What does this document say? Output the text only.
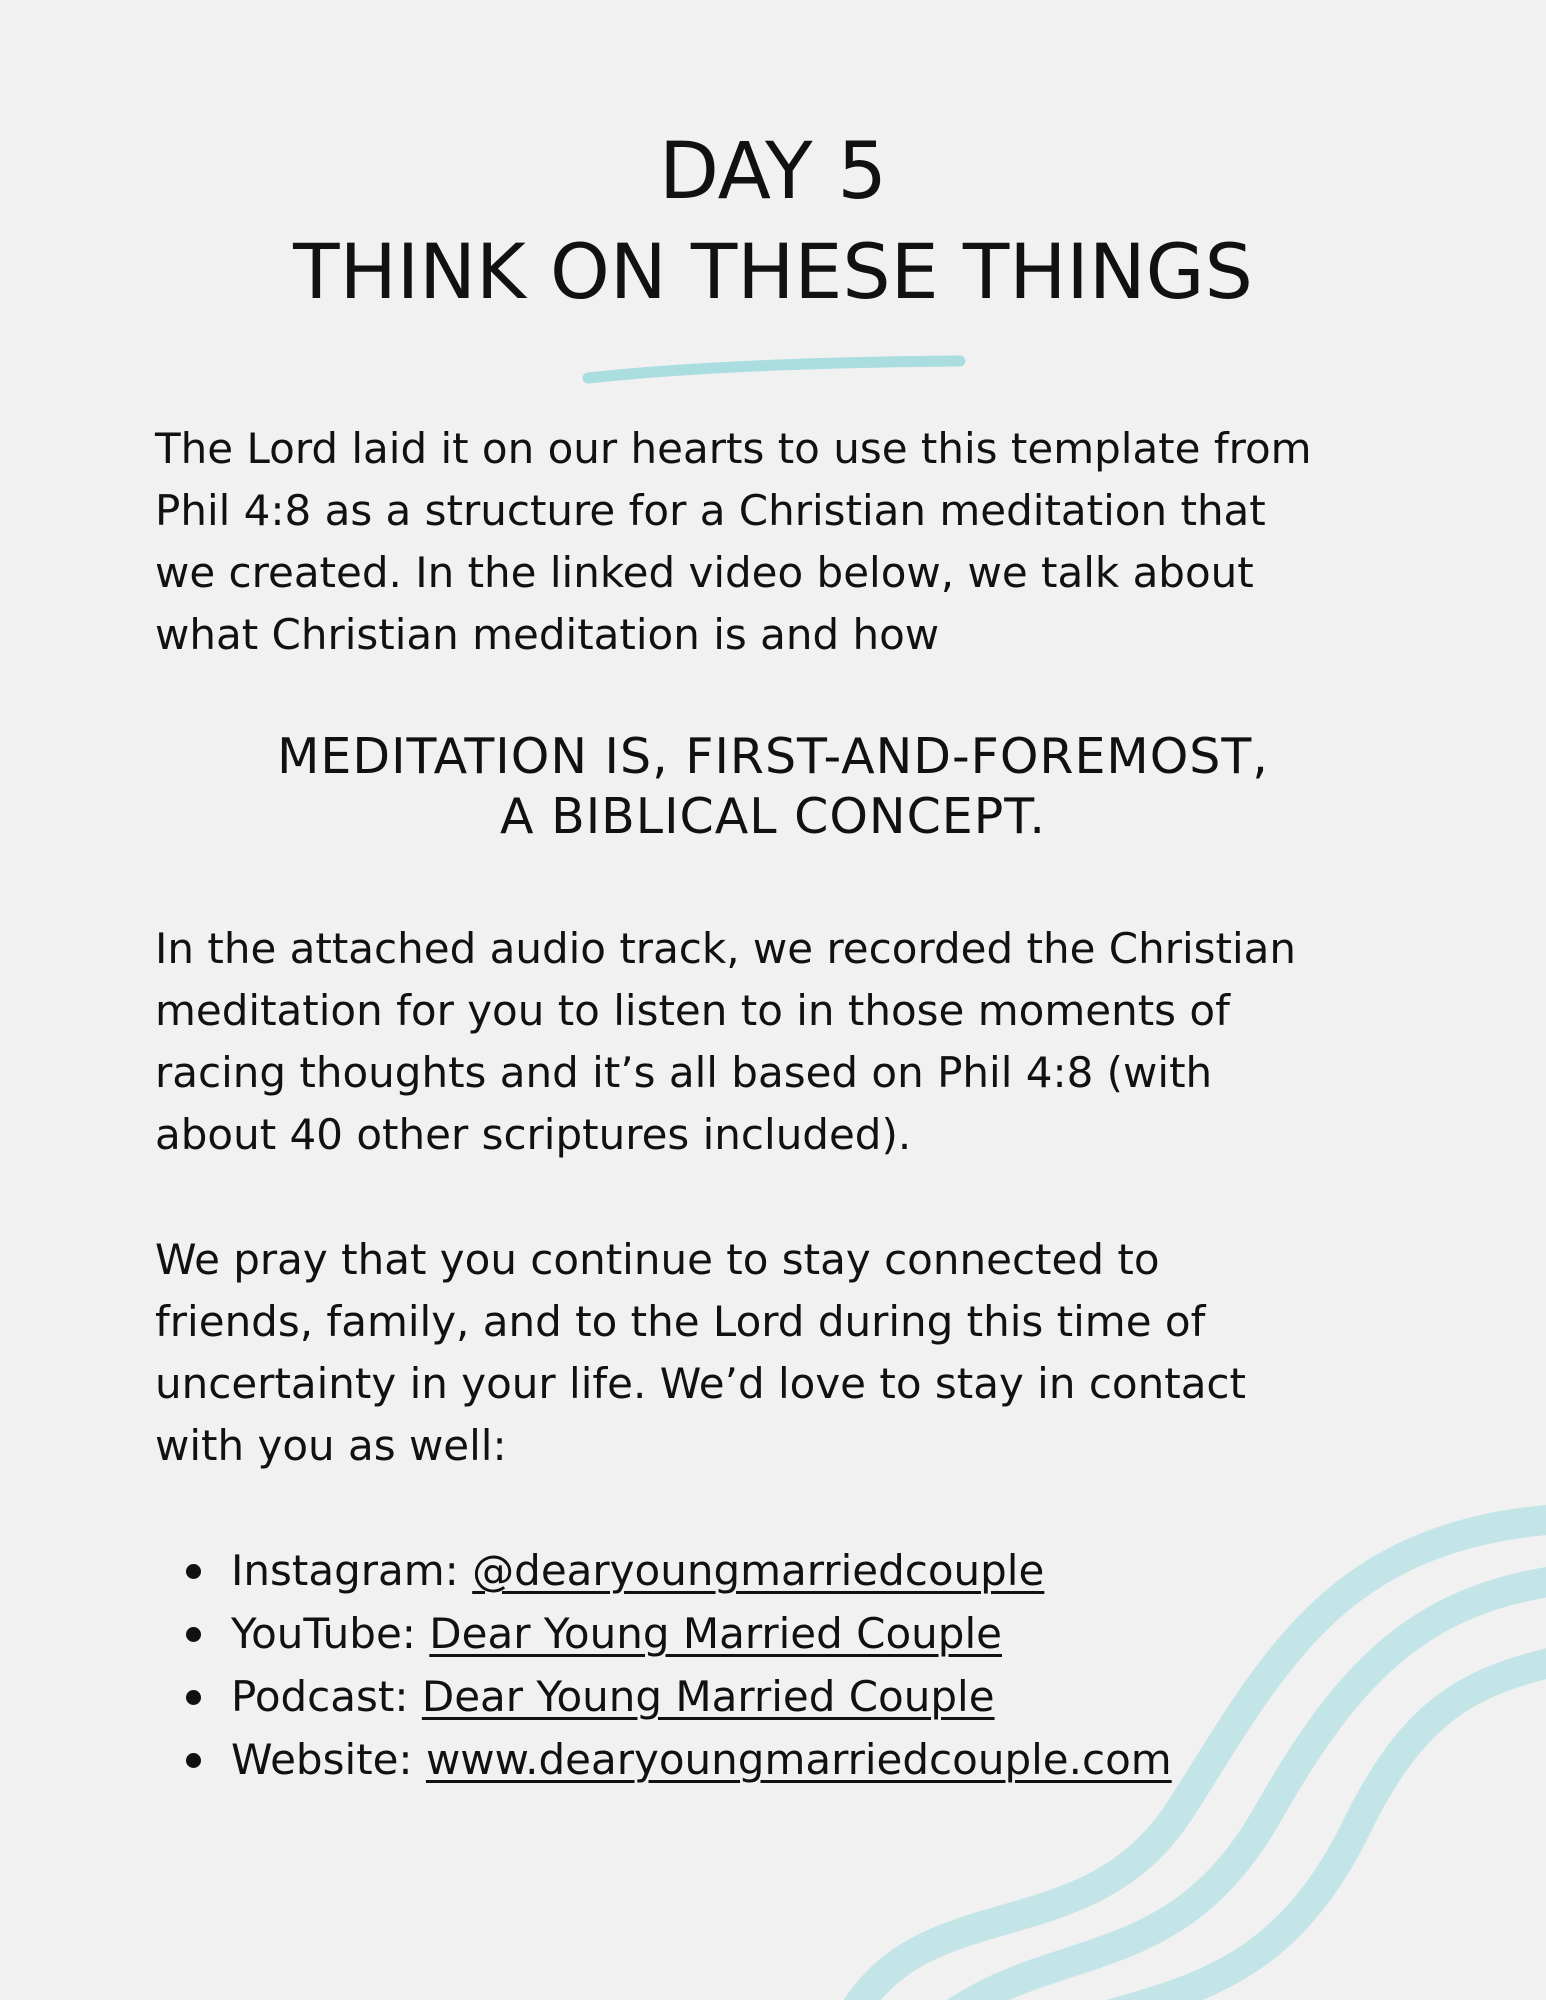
DAY 5
THINK ON THESE THINGS

The Lord laid it on our hearts to use this template from
Phil 4:8 as a structure for a Christian meditation that
we created. In the linked video below, we talk about
what Christian meditation is and how

MEDITATION IS, FIRST-AND-FOREMOST,
A BIBLICAL CONCEPT.

In the attached audio track, we recorded the Christian
meditation for you to listen to in those moments of
racing thoughts and it’s all based on Phil 4:8 (with
about 40 other scriptures included).

We pray that you continue to stay connected to
friends, family, and to the Lord during this time of
uncertainty in your life. We’d love to stay in contact
with you as well:

Instagram: @dearyoungmarriedcouple
YouTube: Dear Young Married Couple
Podcast: Dear Young Married Couple
Website: www.dearyoungmarriedcouple.com
